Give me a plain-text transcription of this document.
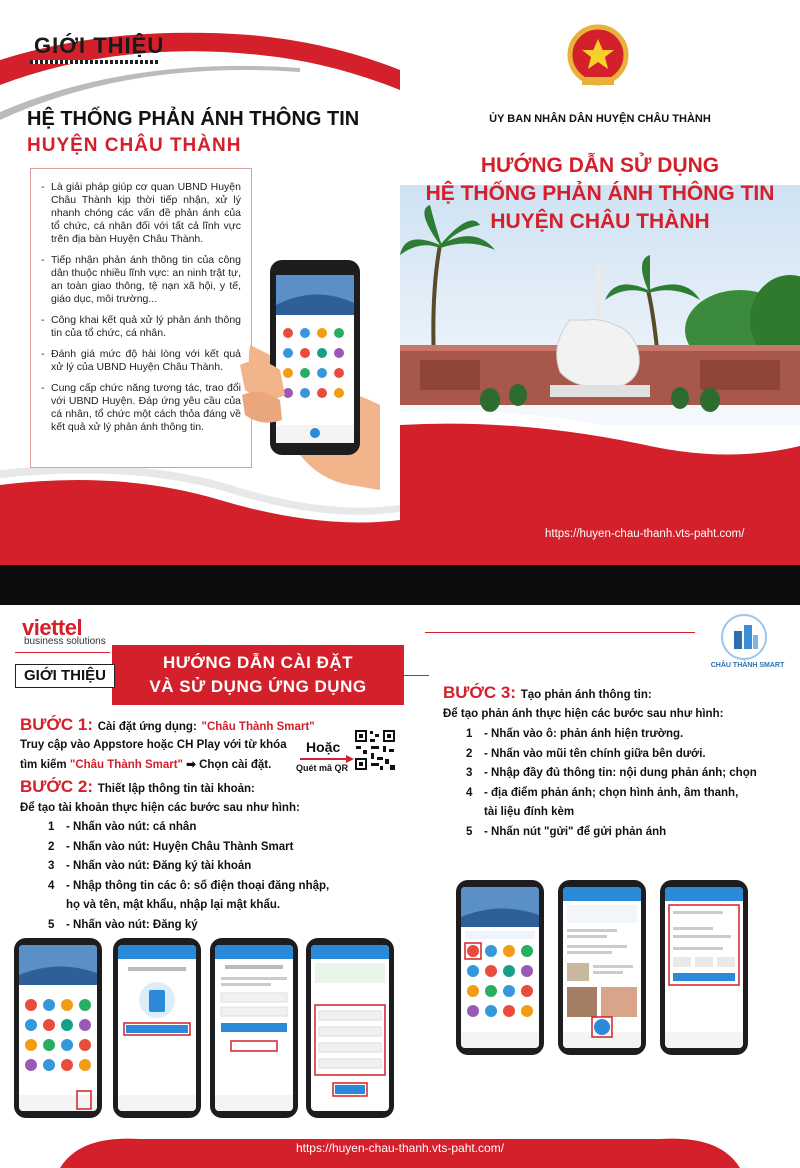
GIỚI THIỆU
HỆ THỐNG PHẢN ÁNH THÔNG TIN
HUYỆN CHÂU THÀNH
- Là giải pháp giúp cơ quan UBND Huyện Châu Thành kịp thời tiếp nhận, xử lý nhanh chóng các vấn đề phản ánh của tổ chức, cá nhân đối với tất cả lĩnh vực trên địa bàn Huyện Châu Thành.
- Tiếp nhận phản ánh thông tin của công dân thuộc nhiều lĩnh vực: an ninh trật tự, an toàn giao thông, tệ nạn xã hội, y tế, giáo dục, môi trường...
- Công khai kết quả xử lý phản ánh thông tin của tổ chức, cá nhân.
- Đánh giá mức độ hài lòng với kết quả xử lý của UBND Huyện Châu Thành.
- Cung cấp chức năng tương tác, trao đổi với UBND Huyện. Đáp ứng yêu cầu của cá nhân, tổ chức một cách thỏa đáng về kết quả xử lý phản ánh thông tin.
ỦY BAN NHÂN DÂN HUYỆN CHÂU THÀNH
HƯỚNG DẪN SỬ DỤNG
HỆ THỐNG PHẢN ÁNH THÔNG TIN
HUYỆN CHÂU THÀNH
https://huyen-chau-thanh.vts-paht.com/
viettel
business solutions
HƯỚNG DẪN CÀI ĐẶT
VÀ SỬ DỤNG ỨNG DỤNG
GIỚI THIỆU
CHÂU THÀNH SMART
BƯỚC 1: Cài đặt ứng dụng: "Châu Thành Smart"
Truy cập vào Appstore hoặc CH Play với từ khóa
tìm kiếm "Châu Thành Smart" ➡ Chọn cài đặt.
Hoặc
Quét mã QR
BƯỚC 2: Thiết lập thông tin tài khoản:
Để tạo tài khoản thực hiện các bước sau như hình:
1 - Nhấn vào nút: cá nhân
2 - Nhấn vào nút: Huyện Châu Thành Smart
3 - Nhấn vào nút: Đăng ký tài khoản
4 - Nhập thông tin các ô: số điện thoại đăng nhập,
họ và tên, mật khẩu, nhập lại mật khẩu.
5 - Nhấn vào nút: Đăng ký
BƯỚC 3: Tạo phản ánh thông tin:
Để tạo phản ánh thực hiện các bước sau như hình:
1 - Nhấn vào ô: phản ánh hiện trường.
2 - Nhấn vào mũi tên chính giữa bên dưới.
3 - Nhập đầy đủ thông tin: nội dung phản ánh; chọn
4 - địa điểm phản ánh; chọn hình ảnh, âm thanh,
tài liệu đính kèm
5 - Nhấn nút "gửi" để gửi phản ánh
https://huyen-chau-thanh.vts-paht.com/
